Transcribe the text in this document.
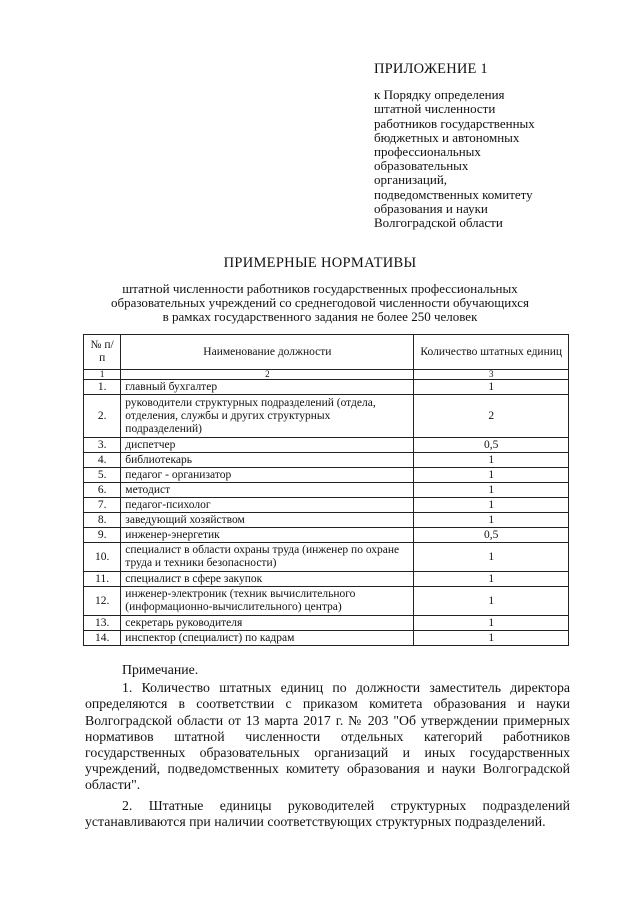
ПРИЛОЖЕНИЕ 1
к Порядку определения
штатной численности
работников государственных
бюджетных и автономных
профессиональных
образовательных
организаций,
подведомственных комитету
образования и науки
Волгоградской области
ПРИМЕРНЫЕ НОРМАТИВЫ
штатной численности работников государственных профессиональных
образовательных учреждений со среднегодовой численности обучающихся
в рамках государственного задания не более 250 человек
№ п/п	Наименование должности	Количество штатных единиц
1	2	3
1.	главный бухгалтер	1
2.	руководители структурных подразделений (отдела, отделения, службы и других структурных подразделений)	2
3.	диспетчер	0,5
4.	библиотекарь	1
5.	педагог - организатор	1
6.	методист	1
7.	педагог-психолог	1
8.	заведующий хозяйством	1
9.	инженер-энергетик	0,5
10.	специалист в области охраны труда (инженер по охране труда и техники безопасности)	1
11.	специалист в сфере закупок	1
12.	инженер-электроник (техник вычислительного (информационно-вычислительного) центра)	1
13.	секретарь руководителя	1
14.	инспектор (специалист) по кадрам	1
Примечание.

1. Количество штатных единиц по должности заместитель директора определяются в соответствии с приказом комитета образования и науки Волгоградской области от 13 марта 2017 г. № 203 "Об утверждении примерных нормативов штатной численности отдельных категорий работников государственных образовательных организаций и иных государственных учреждений, подведомственных комитету образования и науки Волгоградской области".

2. Штатные единицы руководителей структурных подразделений устанавливаются при наличии соответствующих структурных подразделений.
